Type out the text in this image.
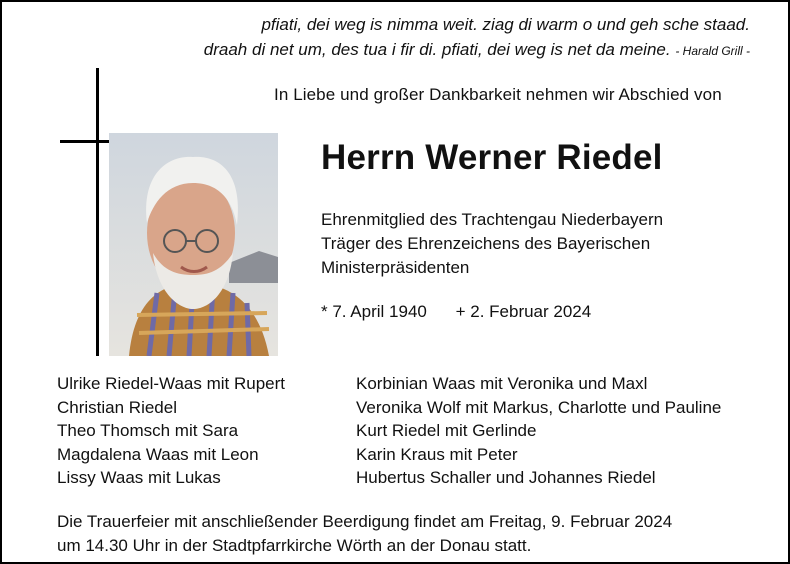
pfiati, dei weg is nimma weit. ziag di warm o und geh sche staad.
draah di net um, des tua i fir di. pfiati, dei weg is net da meine. - Harald Grill -
In Liebe und großer Dankbarkeit nehmen wir Abschied von
Herrn Werner Riedel
Ehrenmitglied des Trachtengau Niederbayern
Träger des Ehrenzeichens des Bayerischen
Ministerpräsidenten
* 7. April 1940 + 2. Februar 2024
Ulrike Riedel-Waas mit Rupert
Christian Riedel
Theo Thomsch mit Sara
Magdalena Waas mit Leon
Lissy Waas mit Lukas
Korbinian Waas mit Veronika und Maxl
Veronika Wolf mit Markus, Charlotte und Pauline
Kurt Riedel mit Gerlinde
Karin Kraus mit Peter
Hubertus Schaller und Johannes Riedel
Die Trauerfeier mit anschließender Beerdigung findet am Freitag, 9. Februar 2024
um 14.30 Uhr in der Stadtpfarrkirche Wörth an der Donau statt.
